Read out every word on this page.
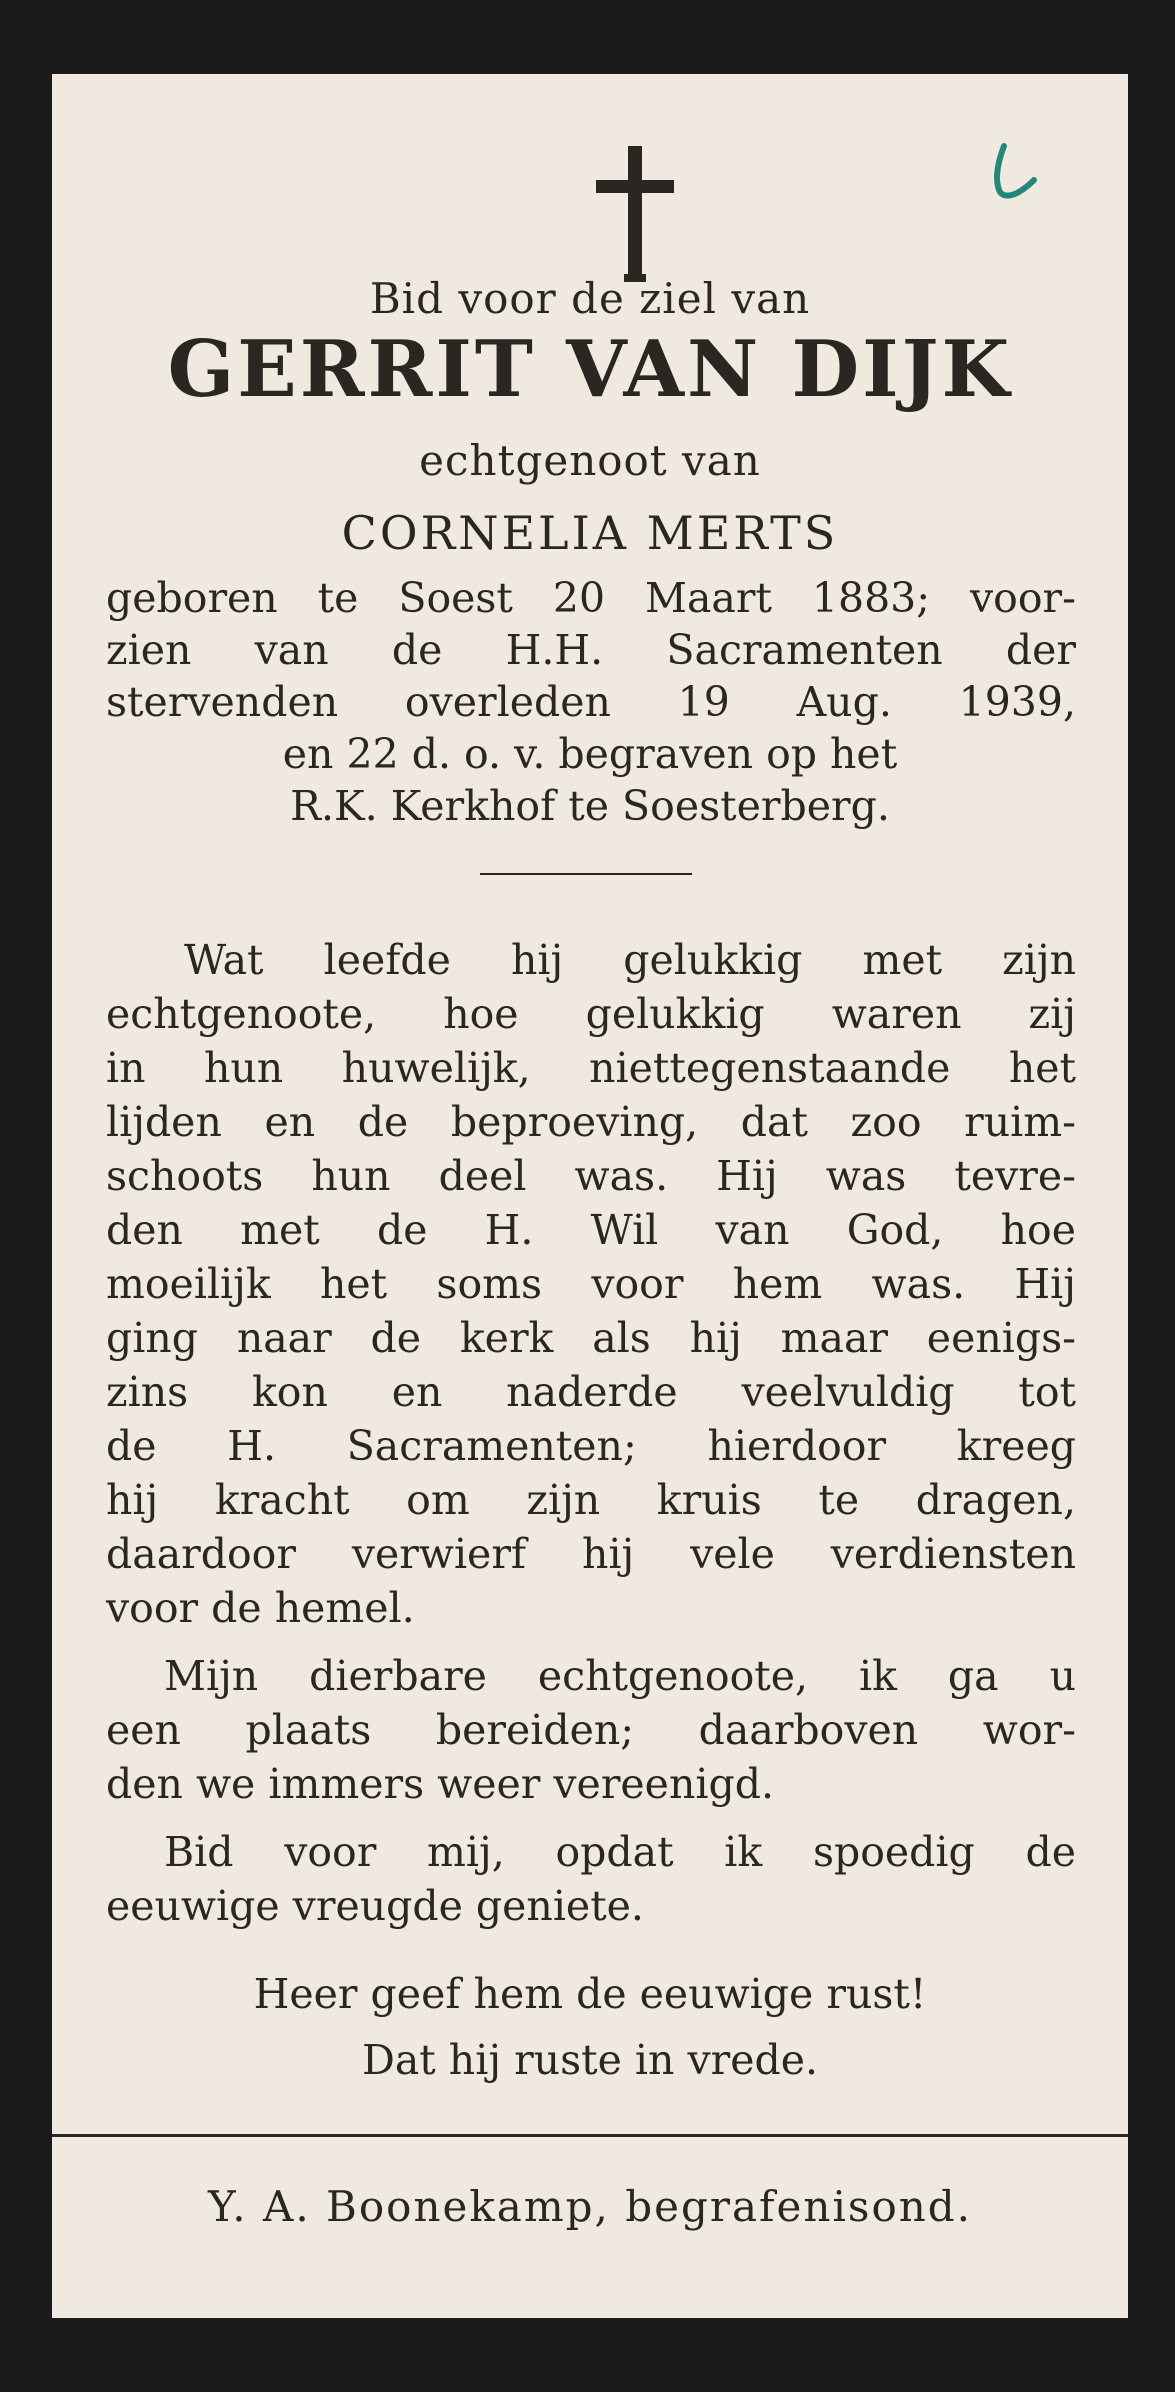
Bid voor de ziel van
GERRIT VAN DIJK
echtgenoot van
CORNELIA MERTS
geboren te Soest 20 Maart 1883; voor-
zien van de H.H. Sacramenten der
stervenden overleden 19 Aug. 1939,
en 22 d. o. v. begraven op het
R.K. Kerkhof te Soesterberg.
Wat leefde hij gelukkig met zijn
echtgenoote, hoe gelukkig waren zij
in hun huwelijk, niettegenstaande het
lijden en de beproeving, dat zoo ruim-
schoots hun deel was. Hij was tevre-
den met de H. Wil van God, hoe
moeilijk het soms voor hem was. Hij
ging naar de kerk als hij maar eenigs-
zins kon en naderde veelvuldig tot
de H. Sacramenten; hierdoor kreeg
hij kracht om zijn kruis te dragen,
daardoor verwierf hij vele verdiensten
voor de hemel.
Mijn dierbare echtgenoote, ik ga u
een plaats bereiden; daarboven wor-
den we immers weer vereenigd.
Bid voor mij, opdat ik spoedig de
eeuwige vreugde geniete.
Heer geef hem de eeuwige rust!
Dat hij ruste in vrede.
Y. A. Boonekamp, begrafenisond.
